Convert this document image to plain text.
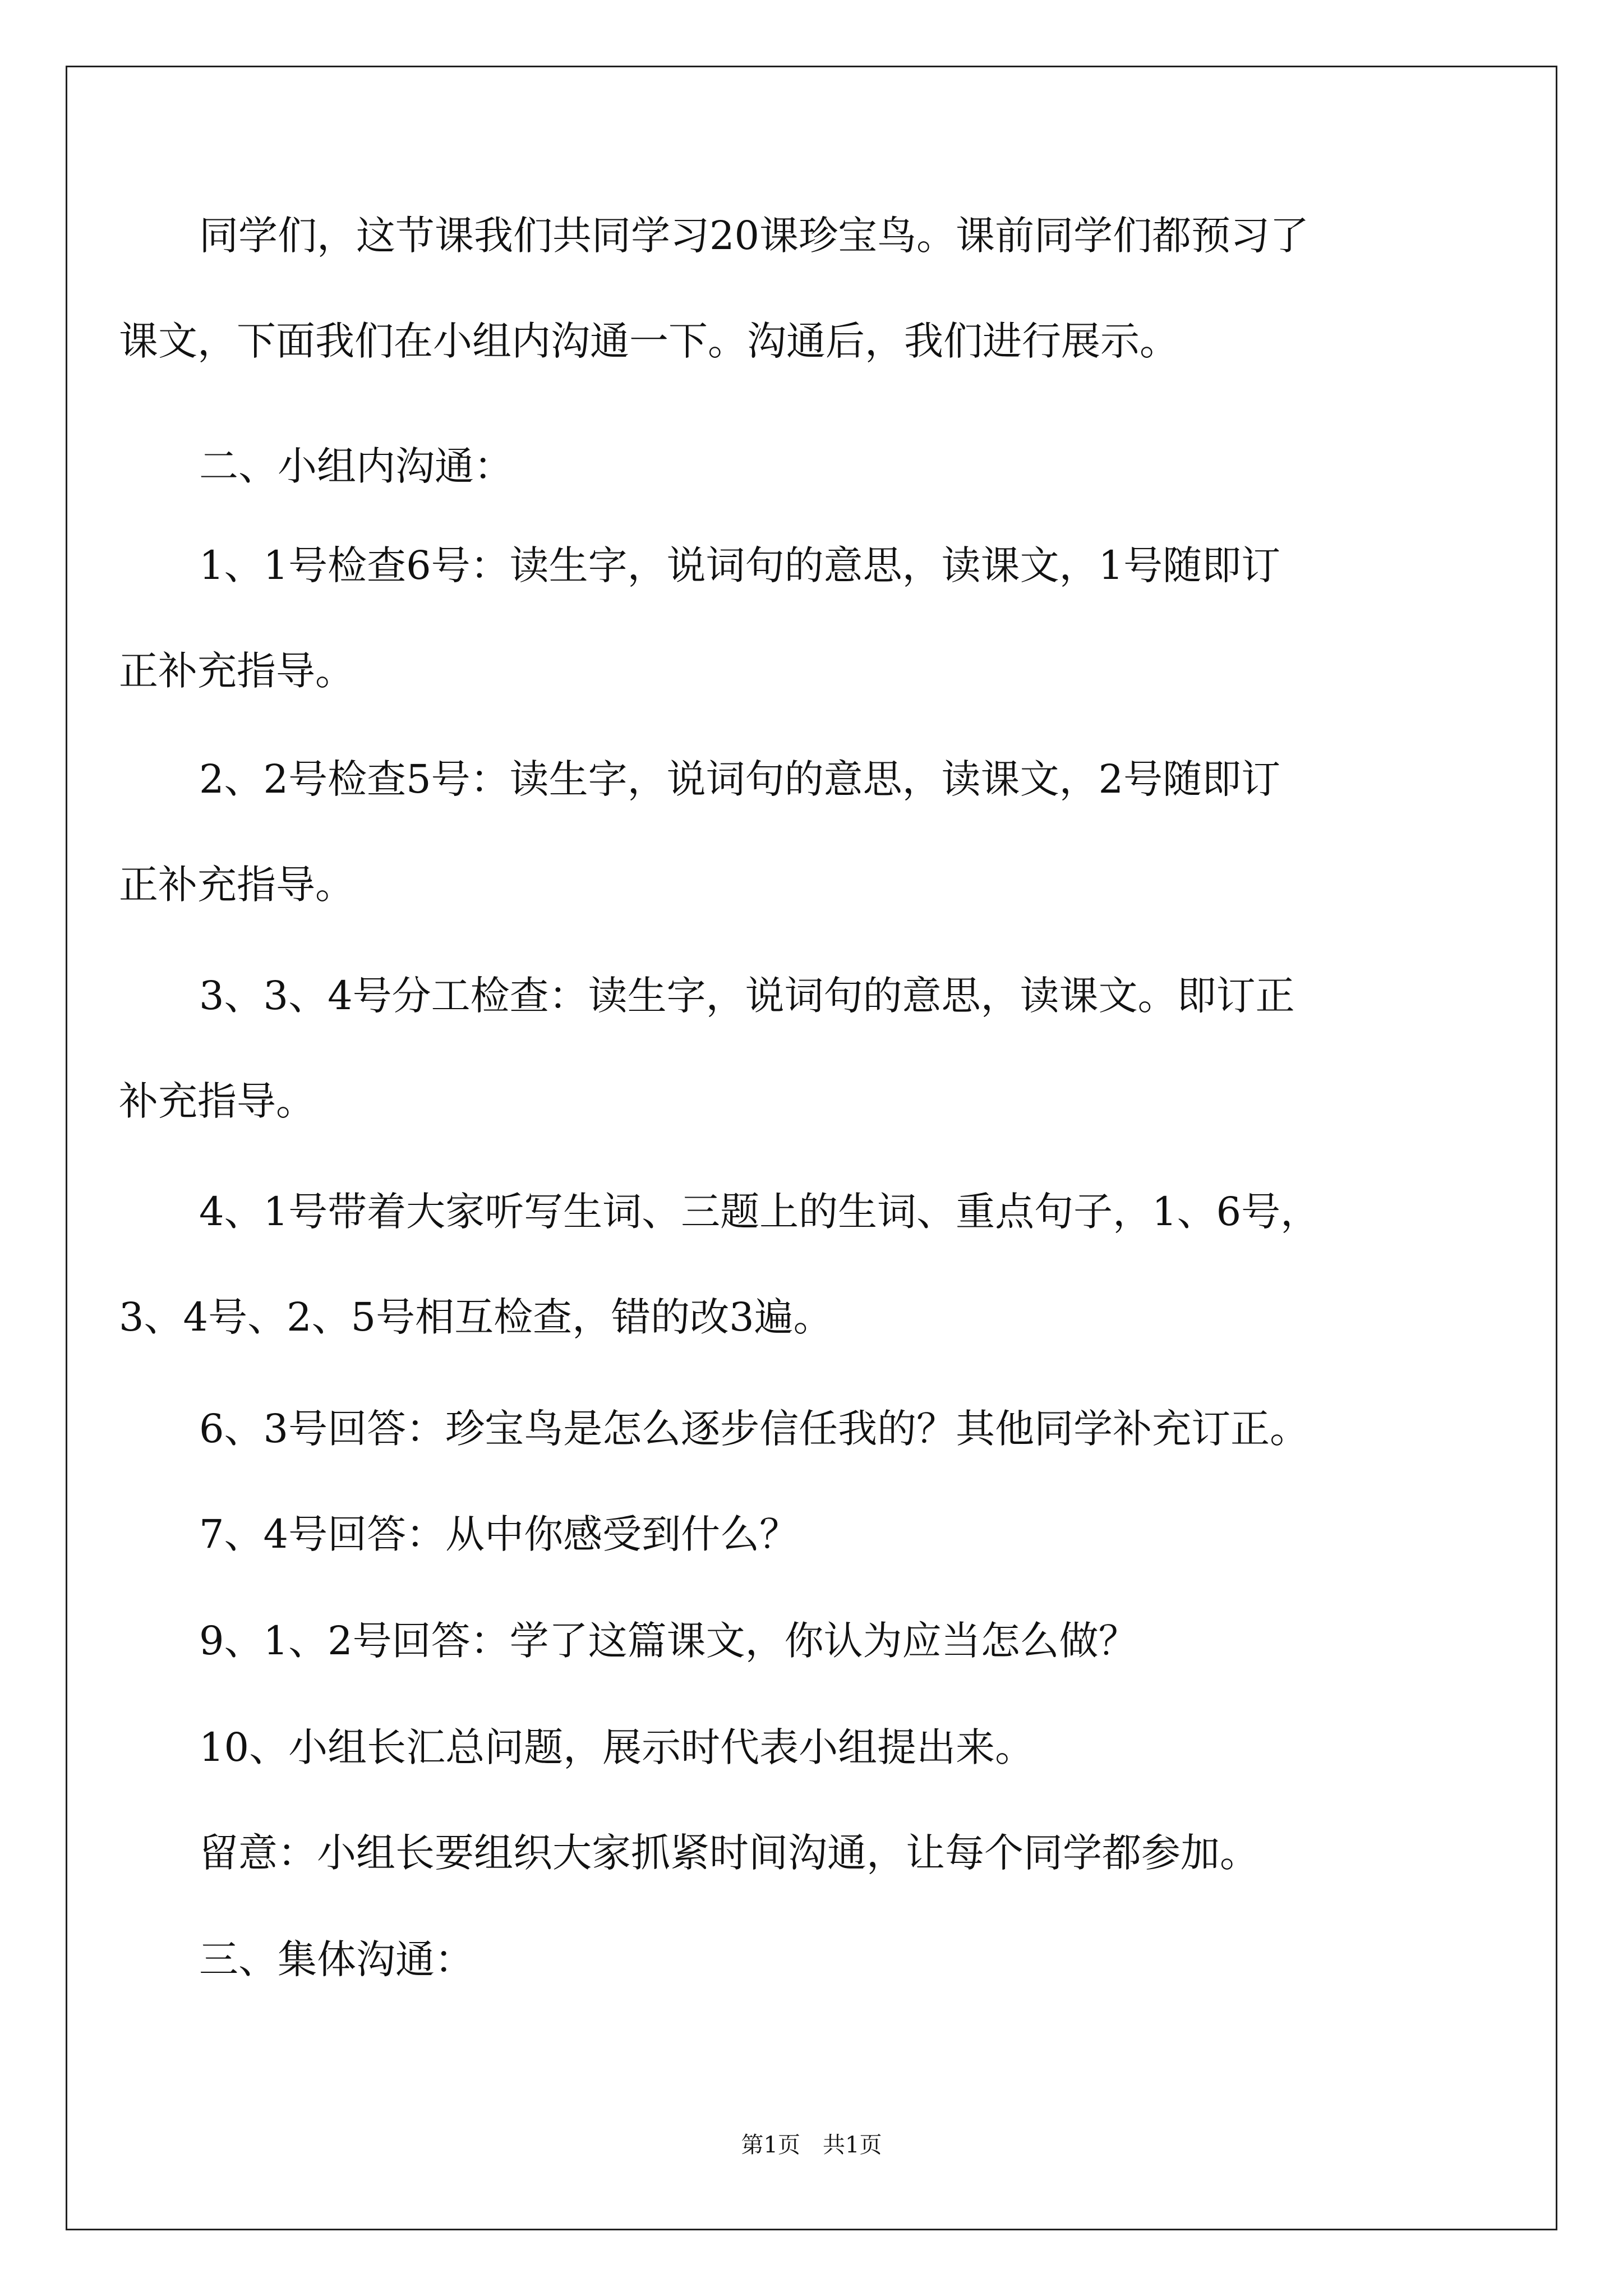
同学们，这节课我们共同学习20课珍宝鸟。课前同学们都预习了
课文，下面我们在小组内沟通一下。沟通后，我们进行展示。
二、小组内沟通：
1、1号检查6号：读生字，说词句的意思，读课文，1号随即订
正补充指导。
2、2号检查5号：读生字，说词句的意思，读课文，2号随即订
正补充指导。
3、3、4号分工检查：读生字，说词句的意思，读课文。即订正
补充指导。
4、1号带着大家听写生词、三题上的生词、重点句子，1、6号，
3、4号、2、5号相互检查，错的改3遍。
6、3号回答：珍宝鸟是怎么逐步信任我的？其他同学补充订正。
7、4号回答：从中你感受到什么？
9、1、2号回答：学了这篇课文，你认为应当怎么做？
10、小组长汇总问题，展示时代表小组提出来。
留意：小组长要组织大家抓紧时间沟通，让每个同学都参加。
三、集体沟通：
第1页　共1页
